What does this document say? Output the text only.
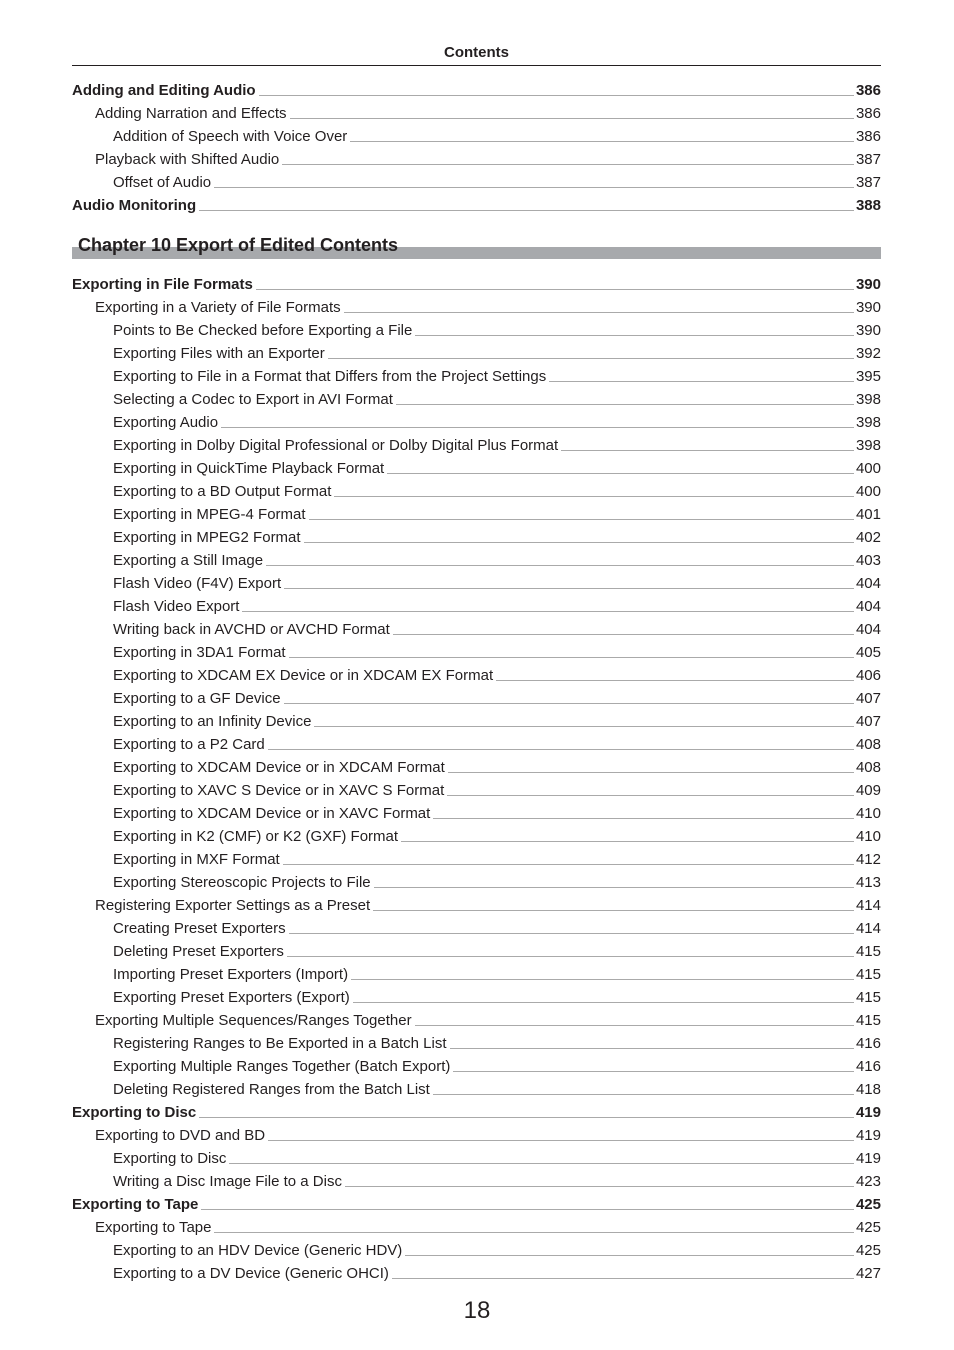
Contents
Adding and Editing Audio	386
Adding Narration and Effects	386
Addition of Speech with Voice Over	386
Playback with Shifted Audio	387
Offset of Audio	387
Audio Monitoring	388
Chapter 10 Export of Edited Contents
Exporting in File Formats	390
Exporting in a Variety of File Formats	390
Points to Be Checked before Exporting a File	390
Exporting Files with an Exporter	392
Exporting to File in a Format that Differs from the Project Settings	395
Selecting a Codec to Export in AVI Format	398
Exporting Audio	398
Exporting in Dolby Digital Professional or Dolby Digital Plus Format	398
Exporting in QuickTime Playback Format	400
Exporting to a BD Output Format	400
Exporting in MPEG-4 Format	401
Exporting in MPEG2 Format	402
Exporting a Still Image	403
Flash Video (F4V) Export	404
Flash Video Export	404
Writing back in AVCHD or AVCHD Format	404
Exporting in 3DA1 Format	405
Exporting to XDCAM EX Device or in XDCAM EX Format	406
Exporting to a GF Device	407
Exporting to an Infinity Device	407
Exporting to a P2 Card	408
Exporting to XDCAM Device or in XDCAM Format	408
Exporting to XAVC S Device or in XAVC S Format	409
Exporting to XDCAM Device or in XAVC Format	410
Exporting in K2 (CMF) or K2 (GXF) Format	410
Exporting in MXF Format	412
Exporting Stereoscopic Projects to File	413
Registering Exporter Settings as a Preset	414
Creating Preset Exporters	414
Deleting Preset Exporters	415
Importing Preset Exporters (Import)	415
Exporting Preset Exporters (Export)	415
Exporting Multiple Sequences/Ranges Together	415
Registering Ranges to Be Exported in a Batch List	416
Exporting Multiple Ranges Together (Batch Export)	416
Deleting Registered Ranges from the Batch List	418
Exporting to Disc	419
Exporting to DVD and BD	419
Exporting to Disc	419
Writing a Disc Image File to a Disc	423
Exporting to Tape	425
Exporting to Tape	425
Exporting to an HDV Device (Generic HDV)	425
Exporting to a DV Device (Generic OHCI)	427
18
